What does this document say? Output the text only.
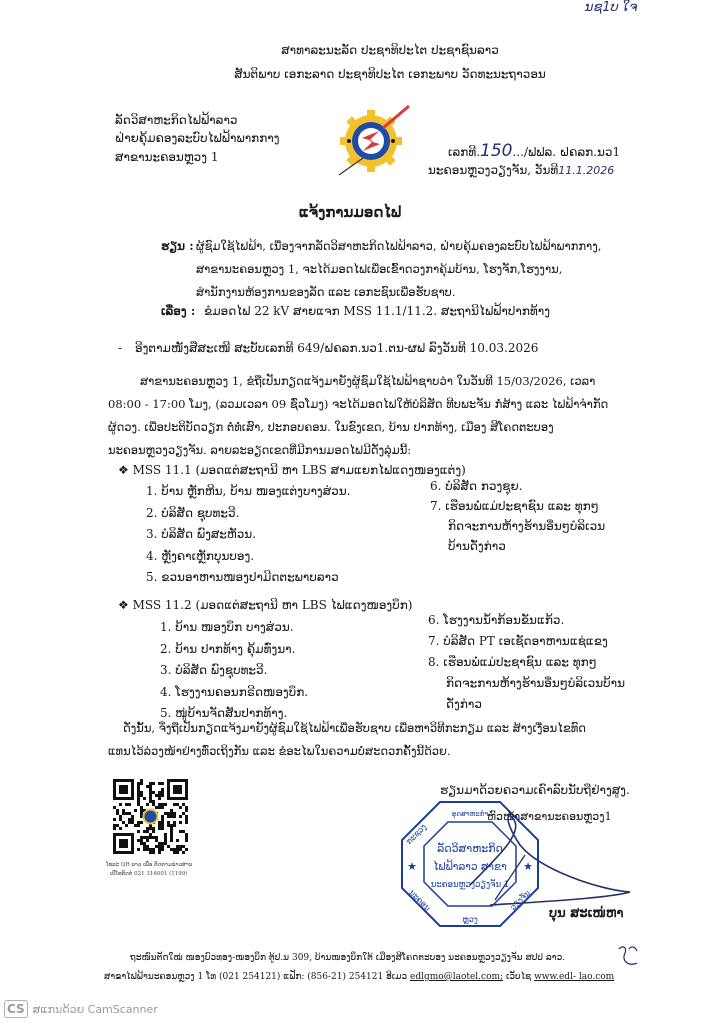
ນຊ1ບ ໃຈ
ສາທາລະນະລັດ ປະຊາທິປະໄຕ ປະຊາຊົນລາວ
ສັນຕິພາບ ເອກະລາດ ປະຊາທິປະໄຕ ເອກະພາບ ວັດທະນະຖາວອນ
ລັດວິສາຫະກິດໄຟຟ້າລາວ
ຝ່າຍຄຸ້ມຄອງລະບົບໄຟຟ້າພາກກາງ
ສາຂານະຄອນຫຼວງ 1	ເລກທີ.150.../ຟຟລ. ຝຄລກ.ນວ1
ນະຄອນຫຼວງວຽງຈັນ, ວັນທີ11.1.2026
ແຈ້ງການມອດໄຟ
ຮຽນ : ຜູ້ຊົມໃຊ້ໄຟຟ້າ, ເນື່ອງຈາກລັດວິສາຫະກິດໄຟຟ້າລາວ, ຝ່າຍຄຸ້ມຄອງລະບົບໄຟຟ້າພາກກາງ,
ສາຂານະຄອນຫຼວງ 1, ຈະໄດ້ມອດໄຟເພື່ອເຂົ້າດວງກາຄຸ້ມບ້ານ, ໂຮງຈັກ,ໂຮງງານ,
ສໍານັກງານຫ້ອງການຂອງລັດ ແລະ ເອກະຊົນເພື່ອຮັບຊາບ.
ເລື່ອງ : ຂໍມອດໄຟ 22 kV ສາຍແຈກ MSS 11.1/11.2. ສະຖານີໄຟຟ້າປາກທ້າງ
- ອີງຕາມໜັງສືສະເໜີ ສະບັບເລກທີ 649/ຝຄລກ.ນວ1.ຕນ-ຜຟ ລົງວັນທີ 10.03.2026
ສາຂານະຄອນຫຼວງ 1, ຂໍຖືເປັນກຽດແຈ້ງມາຍັງຜູ້ຊົມໃຊ້ໄຟຟ້າຊາບວ່າ ໃນວັນທີ 15/03/2026, ເວລາ
08:00 - 17:00 ໂມງ, (ລວມເວລາ 09 ຊົ່ວໂມງ) ຈະໄດ້ມອດໄຟໃຫ້ບໍລິສັດ ທີບພະຈັນ ກໍ່ສ້າງ ແລະ ໄຟຟ້າຈໍາກັດ
ຜູ້ດວງ. ເພື່ອປະຕິບັດວຽກ ຕໍ່ທໍ່ເສົາ, ປະກອບຄອນ. ໃນຂົງເຂດ, ບ້ານ ປາກທ້າງ, ເມືອງ ສີໂຄດຕະບອງ
ນະຄອນຫຼວງວຽງຈັນ. ລາຍລະອຽດເຂດທີ່ມີການມອດໄຟມີດັ່ງລຸ່ມນີ້:
❖ MSS 11.1 (ມອດແຕ່ສະຖານີ ຫາ LBS ສາມແຍກໄຟແດງໜອງແຕ່ງ)
1. ບ້ານ ຫຼັກຫີນ, ບ້ານ ໜອງແຕ່ງບາງສ່ວນ.
2. ບໍລິສັດ ຊຸບທະວີ.
3. ບໍລິສັດ ພົງສະຫັວນ.
4. ຫຼັງຄາເຫຼັກບຸນບອງ.
5. ຂວນອາຫານໜອງປາມີດຕະພາບລາວ
6. ບໍລິສັດ ກວງຊຸຍ.
7. ເຮືອນພໍ່ແມ່ປະຊາຊົນ ແລະ ທຸກໆ
ກິດຈະການຫ້າງຮ້ານອື່ນໆບໍລິເວນ
ບ້ານດັ່ງກ່າວ
❖ MSS 11.2 (ມອດແຕ່ສະຖານີ ຫາ LBS ໄຟແດງໜອງບຶກ)
1. ບ້ານ ໜອງບຶກ ບາງສ່ວນ.
2. ບ້ານ ປາກທ້າງ ຄຸ້ມທົ່ງນາ.
3. ບໍລິສັດ ພົງຊຸບທະວີ.
4. ໂຮງງານຄອນກຣີດໜອງບຶກ.
5. ໜູ່ບ້ານຈັດສັນປາກທ້າງ.
6. ໂຮງງານນໍ້າກ້ອນຂັນແກ້ວ.
7. ບໍລິສັດ PT ເອເຊັດອາຫານແຊ່ແຂງ
8. ເຮືອນພໍ່ແມ່ປະຊາຊົນ ແລະ ທຸກໆ
ກິດຈະການຫ້າງຮ້ານອື່ນໆບໍລິເວນບ້ານ
ດັ່ງກ່າວ
ດັ່ງນັ້ນ, ຈຶ່ງຖືເປັນກຽດແຈ້ງມາຍັງຜູ້ຊົມໃຊ້ໄຟຟ້າເພື່ອຮັບຊາບ ເພື່ອຫາວິທີກະກຽມ ແລະ ສ້າງເງື່ອນໄຂທົດ
ແທນໄວ້ລ່ວງໜ້າຢ່າງທົ່ວເຖິງກັນ ແລະ ຂໍອະໄພໃນຄວາມບໍ່ສະດວກຄັ້ງນີ້ດ້ວຍ.
ໂທລະ QR ລາວ ເພື່ອ ຕິດຕາມຂ່າວສານ
ເບີໂທຕິດຕໍ່ 021 316001 (1199)
ຮຽນມາດ້ວຍຄວາມເຄົາລົບນັບຖືຢ່າງສູງ.
ອຸດສາຫະກໍາ
ກະຊວງ
ນະຄອນ
ຫຼວງ
ວຽງຈັນ
ລັດວິສາຫະກິດ
ໄຟຟ້າລາວ ສາຂາ
ນະຄອນຫຼວງວຽງຈັນ 1
★	★
ຫົວໜ້າສາຂານະຄອນຫຼວງ1
ບຸນ ສະເໜ່ຫາ
ຖະໜົນຕັດໃໝ່ ໜອງບົວທອງ-ໜອງບຶກ ຕູ້ປ.ນ 309, ບ້ານໜອງບຶກໃຕ້ ເມືອງສີໂຄດຕະບອງ ນະຄອນຫຼວງວຽງຈັນ ສປປ ລາວ.
ສາຂາໄຟຟ້ານະຄອນຫຼວງ 1 ໂທ (021 254121) ແຟັກ: (856-21) 254121 ອີເມວ edlgmo@laotel.com; ເວັບໄຊ www.edl- lao.com
CS ສແກນດ້ວຍ CamScanner
